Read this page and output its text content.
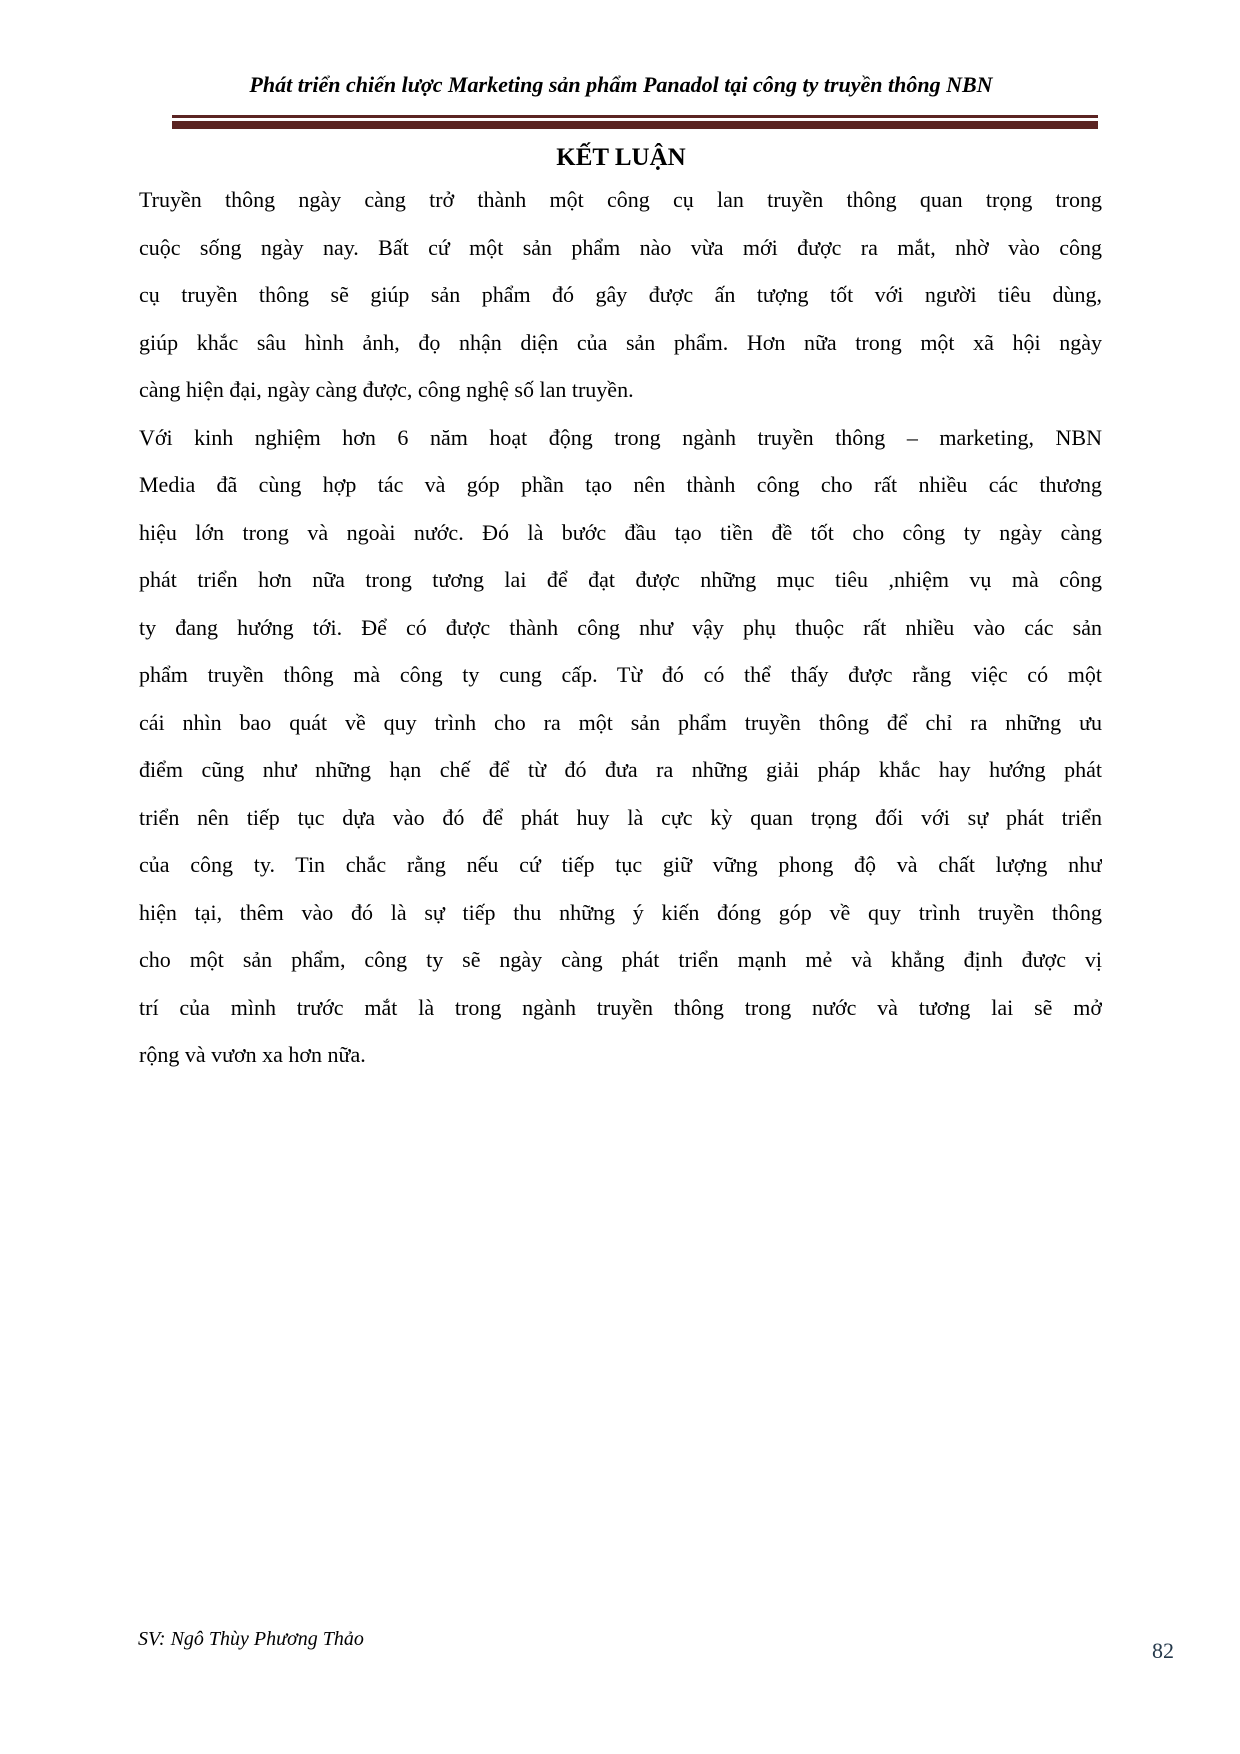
Phát triển chiến lược Marketing sản phẩm Panadol tại công ty truyền thông NBN
KẾT LUẬN
Truyền thông ngày càng trở thành một công cụ lan truyền thông quan trọng trong
cuộc sống ngày nay. Bất cứ một sản phẩm nào vừa mới được ra mắt, nhờ vào công
cụ truyền thông sẽ giúp sản phẩm đó gây được ấn tượng tốt với người tiêu dùng,
giúp khắc sâu hình ảnh, đọ nhận diện của sản phẩm. Hơn nữa trong một xã hội ngày
càng hiện đại, ngày càng được, công nghệ số lan truyền.
Với kinh nghiệm hơn 6 năm hoạt động trong ngành truyền thông – marketing, NBN
Media đã cùng hợp tác và góp phần tạo nên thành công cho rất nhiều các thương
hiệu lớn trong và ngoài nước. Đó là bước đầu tạo tiền đề tốt cho công ty ngày càng
phát triển hơn nữa trong tương lai để đạt được những mục tiêu ,nhiệm vụ mà công
ty đang hướng tới. Để có được thành công như vậy phụ thuộc rất nhiều vào các sản
phẩm truyền thông mà công ty cung cấp. Từ đó có thể thấy được rằng việc có một
cái nhìn bao quát về quy trình cho ra một sản phẩm truyền thông để chỉ ra những ưu
điểm cũng như những hạn chế để từ đó đưa ra những giải pháp khắc hay hướng phát
triển nên tiếp tục dựa vào đó để phát huy là cực kỳ quan trọng đối với sự phát triển
của công ty. Tin chắc rằng nếu cứ tiếp tục giữ vững phong độ và chất lượng như
hiện tại, thêm vào đó là sự tiếp thu những ý kiến đóng góp về quy trình truyền thông
cho một sản phẩm, công ty sẽ ngày càng phát triển mạnh mẻ và khẳng định được vị
trí của mình trước mắt là trong ngành truyền thông trong nước và tương lai sẽ mở
rộng và vươn xa hơn nữa.
SV: Ngô Thùy Phương Thảo	82
